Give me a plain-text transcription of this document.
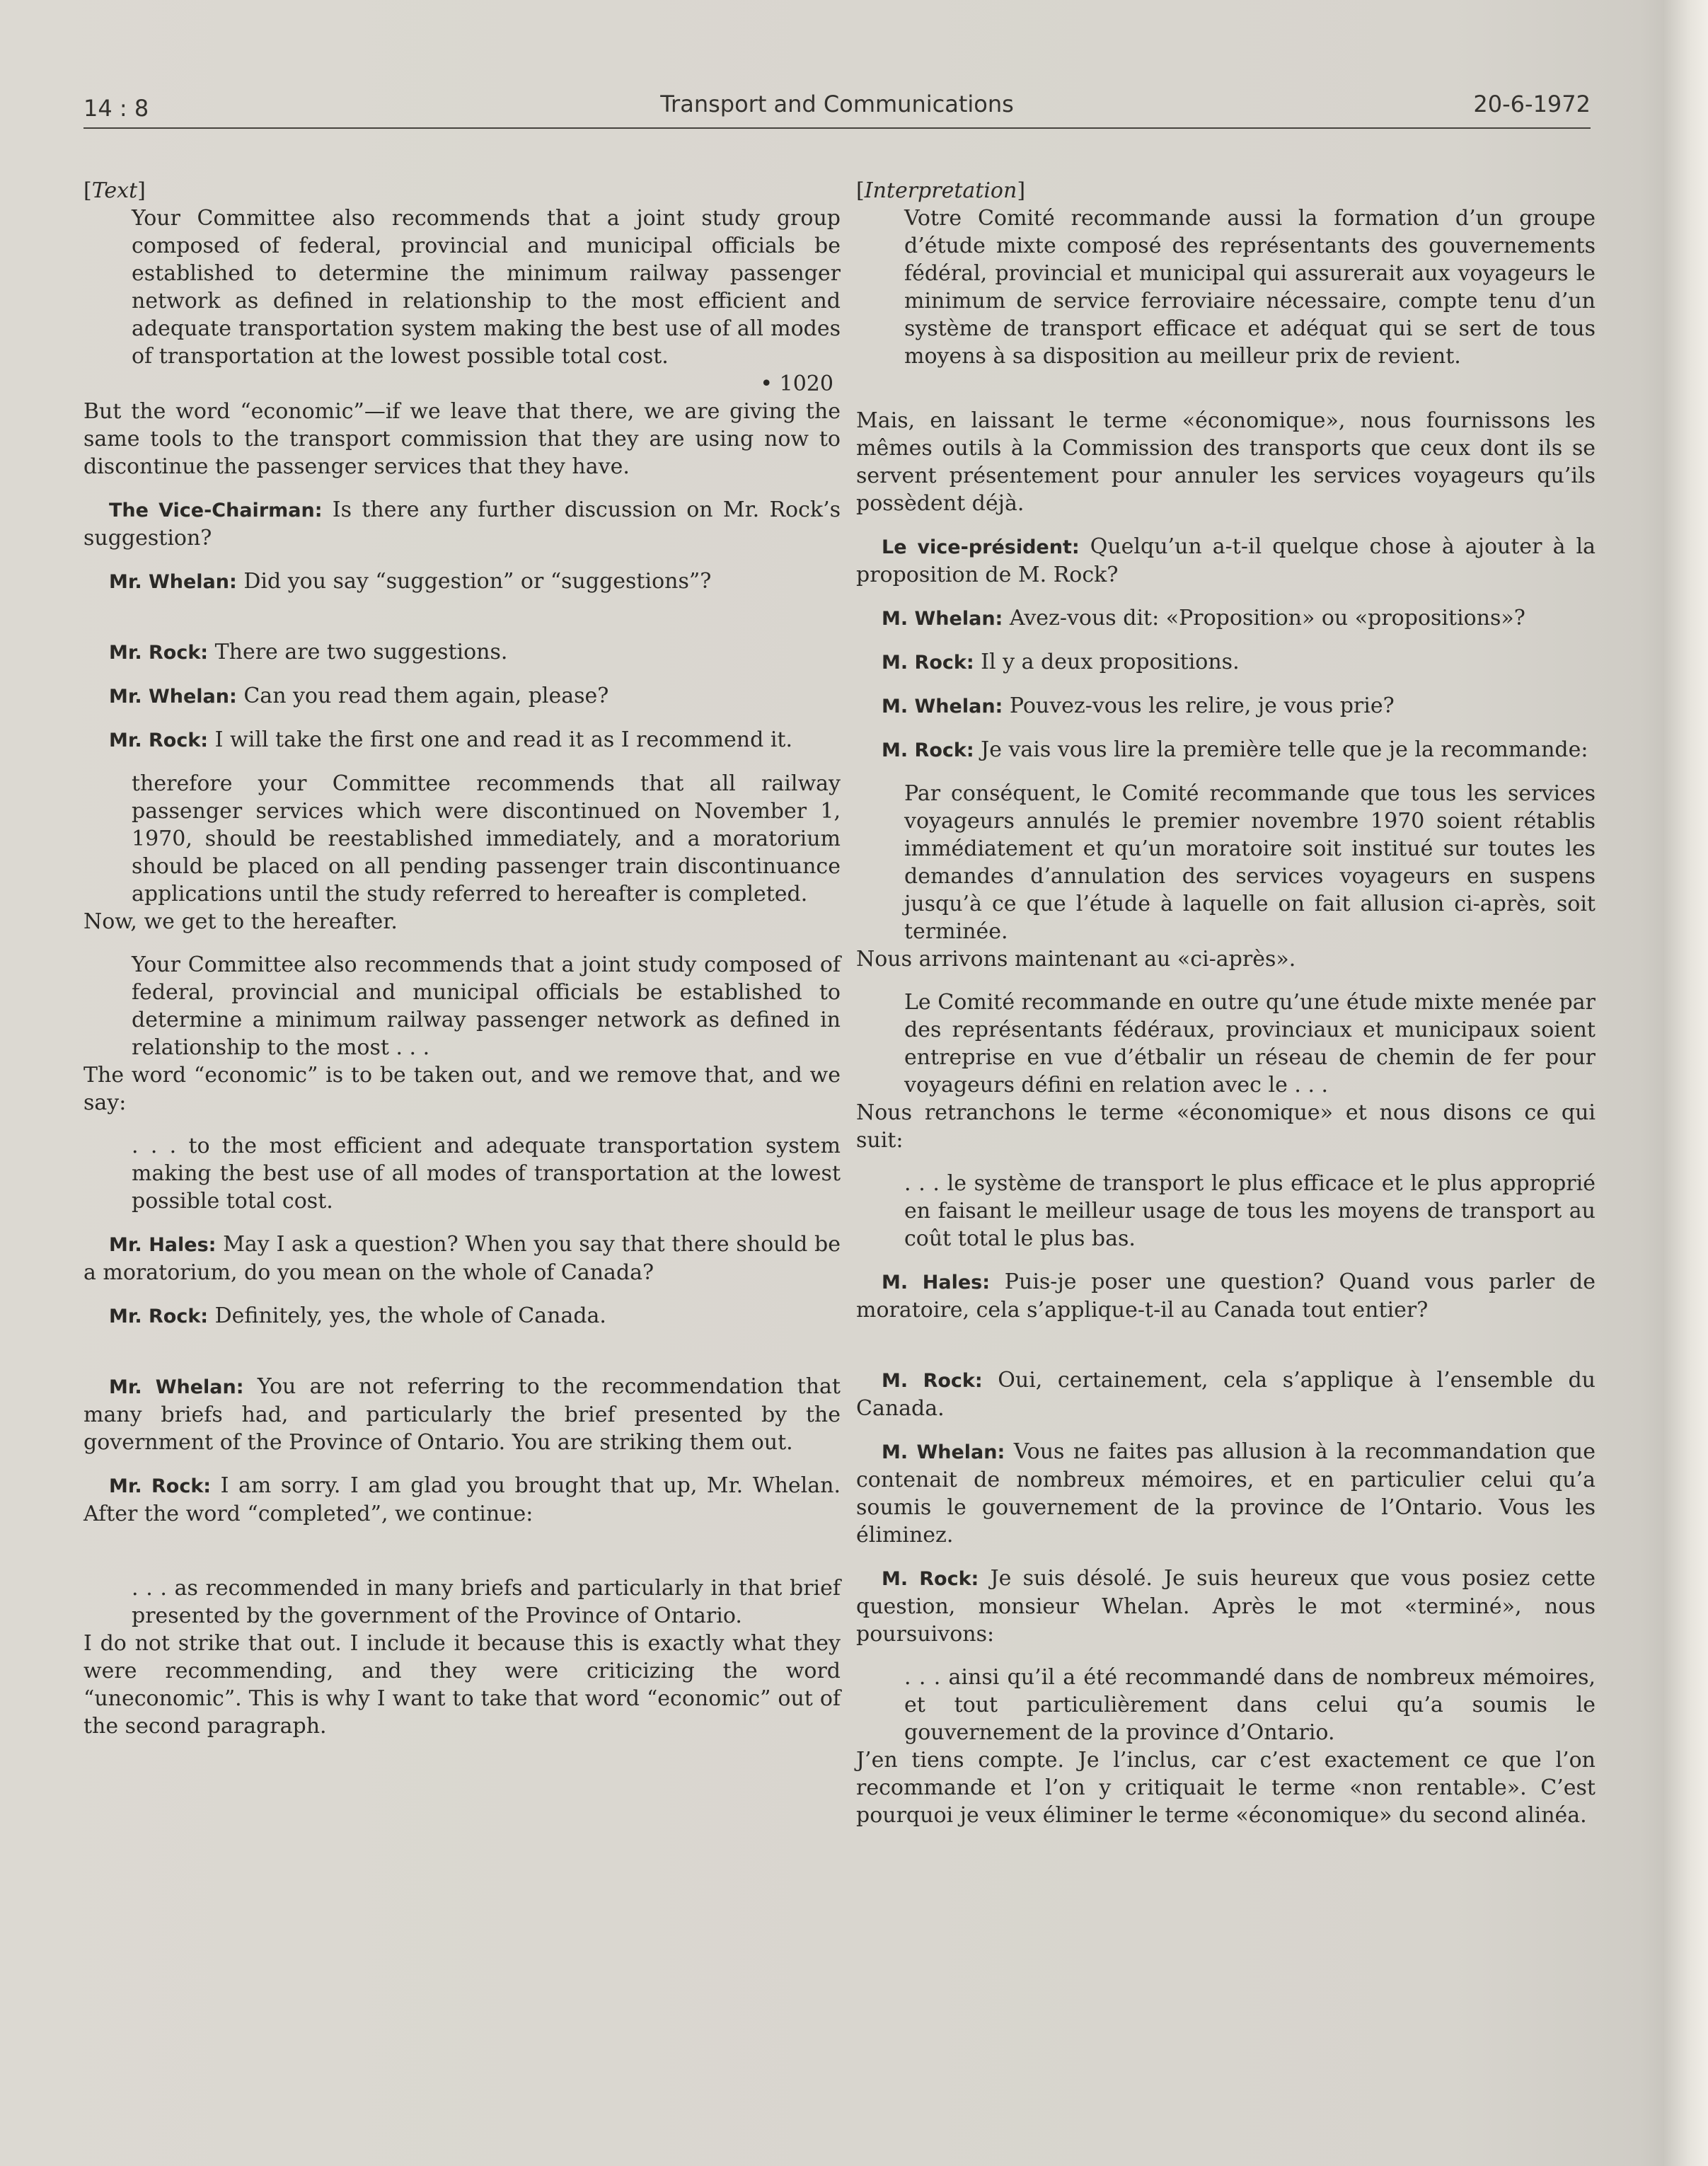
14 : 8	Transport and Communications	20-6-1972

[Text]

Your Committee also recommends that a joint study group composed of federal, provincial and municipal officials be established to determine the minimum railway passenger network as defined in relationship to the most efficient and adequate transportation system making the best use of all modes of transportation at the lowest possible total cost.

• 1020

But the word “economic”—if we leave that there, we are giving the same tools to the transport commission that they are using now to discontinue the passenger services that they have.

The Vice-Chairman: Is there any further discussion on Mr. Rock’s suggestion?

Mr. Whelan: Did you say “suggestion” or “suggestions”?

Mr. Rock: There are two suggestions.

Mr. Whelan: Can you read them again, please?

Mr. Rock: I will take the first one and read it as I recommend it.

therefore your Committee recommends that all railway passenger services which were discontinued on November 1, 1970, should be reestablished immediately, and a moratorium should be placed on all pending passenger train discontinuance applications until the study referred to hereafter is completed.

Now, we get to the hereafter.

Your Committee also recommends that a joint study composed of federal, provincial and municipal officials be established to determine a minimum railway passenger network as defined in relationship to the most . . .

The word “economic” is to be taken out, and we remove that, and we say:

. . . to the most efficient and adequate transportation system making the best use of all modes of transportation at the lowest possible total cost.

Mr. Hales: May I ask a question? When you say that there should be a moratorium, do you mean on the whole of Canada?

Mr. Rock: Definitely, yes, the whole of Canada.

Mr. Whelan: You are not referring to the recommendation that many briefs had, and particularly the brief presented by the government of the Province of Ontario. You are striking them out.

Mr. Rock: I am sorry. I am glad you brought that up, Mr. Whelan. After the word “completed”, we continue:

. . . as recommended in many briefs and particularly in that brief presented by the government of the Province of Ontario.

I do not strike that out. I include it because this is exactly what they were recommending, and they were criticizing the word “uneconomic”. This is why I want to take that word “economic” out of the second paragraph.

[Interpretation]

Votre Comité recommande aussi la formation d’un groupe d’étude mixte composé des représentants des gouvernements fédéral, provincial et municipal qui assurerait aux voyageurs le minimum de service ferroviaire nécessaire, compte tenu d’un système de transport efficace et adéquat qui se sert de tous moyens à sa disposition au meilleur prix de revient.

Mais, en laissant le terme «économique», nous fournissons les mêmes outils à la Commission des transports que ceux dont ils se servent présentement pour annuler les services voyageurs qu’ils possèdent déjà.

Le vice-président: Quelqu’un a-t-il quelque chose à ajouter à la proposition de M. Rock?

M. Whelan: Avez-vous dit: «Proposition» ou «propositions»?

M. Rock: Il y a deux propositions.

M. Whelan: Pouvez-vous les relire, je vous prie?

M. Rock: Je vais vous lire la première telle que je la recommande:

Par conséquent, le Comité recommande que tous les services voyageurs annulés le premier novembre 1970 soient rétablis immédiatement et qu’un moratoire soit institué sur toutes les demandes d’annulation des services voyageurs en suspens jusqu’à ce que l’étude à laquelle on fait allusion ci-après, soit terminée.

Nous arrivons maintenant au «ci-après».

Le Comité recommande en outre qu’une étude mixte menée par des représentants fédéraux, provinciaux et municipaux soient entreprise en vue d’étbalir un réseau de chemin de fer pour voyageurs défini en relation avec le . . .

Nous retranchons le terme «économique» et nous disons ce qui suit:

. . . le système de transport le plus efficace et le plus approprié en faisant le meilleur usage de tous les moyens de transport au coût total le plus bas.

M. Hales: Puis-je poser une question? Quand vous parler de moratoire, cela s’applique-t-il au Canada tout entier?

M. Rock: Oui, certainement, cela s’applique à l’ensemble du Canada.

M. Whelan: Vous ne faites pas allusion à la recommandation que contenait de nombreux mémoires, et en particulier celui qu’a soumis le gouvernement de la province de l’Ontario. Vous les éliminez.

M. Rock: Je suis désolé. Je suis heureux que vous posiez cette question, monsieur Whelan. Après le mot «terminé», nous poursuivons:

. . . ainsi qu’il a été recommandé dans de nombreux mémoires, et tout particulièrement dans celui qu’a soumis le gouvernement de la province d’Ontario.

J’en tiens compte. Je l’inclus, car c’est exactement ce que l’on recommande et l’on y critiquait le terme «non rentable». C’est pourquoi je veux éliminer le terme «économique» du second alinéa.
